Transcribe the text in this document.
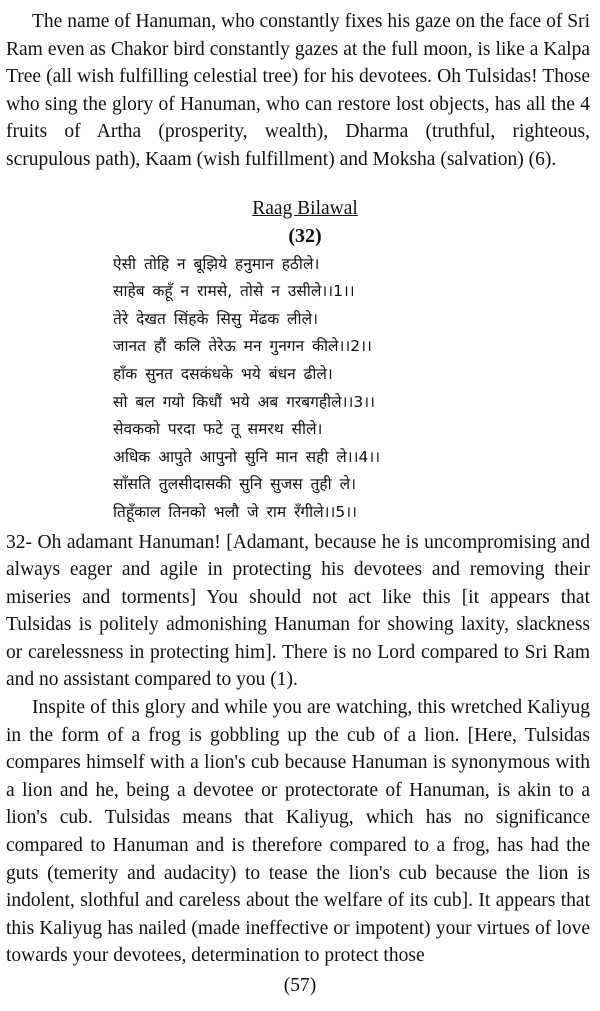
The name of Hanuman, who constantly fixes his gaze on the face of Sri Ram even as Chakor bird constantly gazes at the full moon, is like a Kalpa Tree (all wish fulfilling celestial tree) for his devotees. Oh Tulsidas! Those who sing the glory of Hanuman, who can restore lost objects, has all the 4 fruits of Artha (prosperity, wealth), Dharma (truthful, righteous, scrupulous path), Kaam (wish fulfillment) and Moksha (salvation) (6).

Raag Bilawal
(32)
ऐसी तोहि न बूझिये हनुमान हठीले।
साहेब कहूँ न रामसे, तोसे न उसीले।।1।।
तेरे देखत सिंहके सिसु मेंढक लीले।
जानत हौं कलि तेरेऊ मन गुनगन कीले।।2।।
हाँक सुनत दसकंधके भये बंधन ढीले।
सो बल गयो किधौं भये अब गरबगहीले।।3।।
सेवकको परदा फटे तू समरथ सीले।
अधिक आपुते आपुनो सुनि मान सही ले।।4।।
साँसति तुलसीदासकी सुनि सुजस तुही ले।
तिहूँकाल तिनको भलौ जे राम रँगीले।।5।।

32- Oh adamant Hanuman! [Adamant, because he is uncompromising and always eager and agile in protecting his devotees and removing their miseries and torments] You should not act like this [it appears that Tulsidas is politely admonishing Hanuman for showing laxity, slackness or carelessness in protecting him]. There is no Lord compared to Sri Ram and no assistant compared to you (1).

Inspite of this glory and while you are watching, this wretched Kaliyug in the form of a frog is gobbling up the cub of a lion. [Here, Tulsidas compares himself with a lion's cub because Hanuman is synonymous with a lion and he, being a devotee or protectorate of Hanuman, is akin to a lion's cub. Tulsidas means that Kaliyug, which has no significance compared to Hanuman and is therefore compared to a frog, has had the guts (temerity and audacity) to tease the lion's cub because the lion is indolent, slothful and careless about the welfare of its cub]. It appears that this Kaliyug has nailed (made ineffective or impotent) your virtues of love towards your devotees, determination to protect those

(57)
